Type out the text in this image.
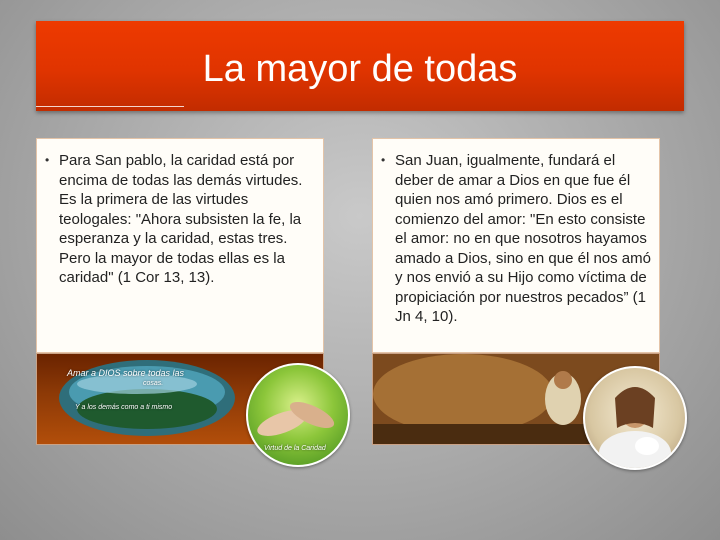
La mayor de todas
• Para San pablo, la caridad está por encima de todas las demás virtudes. Es la primera de las virtudes teologales: "Ahora subsisten la fe, la esperanza y la caridad, estas tres. Pero la mayor de todas ellas es la caridad" (1 Cor 13, 13).
• San Juan, igualmente, fundará el deber de amar a Dios en que fue él quien nos amó primero. Dios es el comienzo del amor: "En esto consiste el amor: no en que nosotros hayamos amado a Dios, sino en que él nos amó y nos envió a su Hijo como víctima de propiciación por nuestros pecados” (1 Jn 4, 10).
Amar a DIOS sobre todas las
cosas.
Y a los demás como a ti mismo
Virtud de la Caridad
